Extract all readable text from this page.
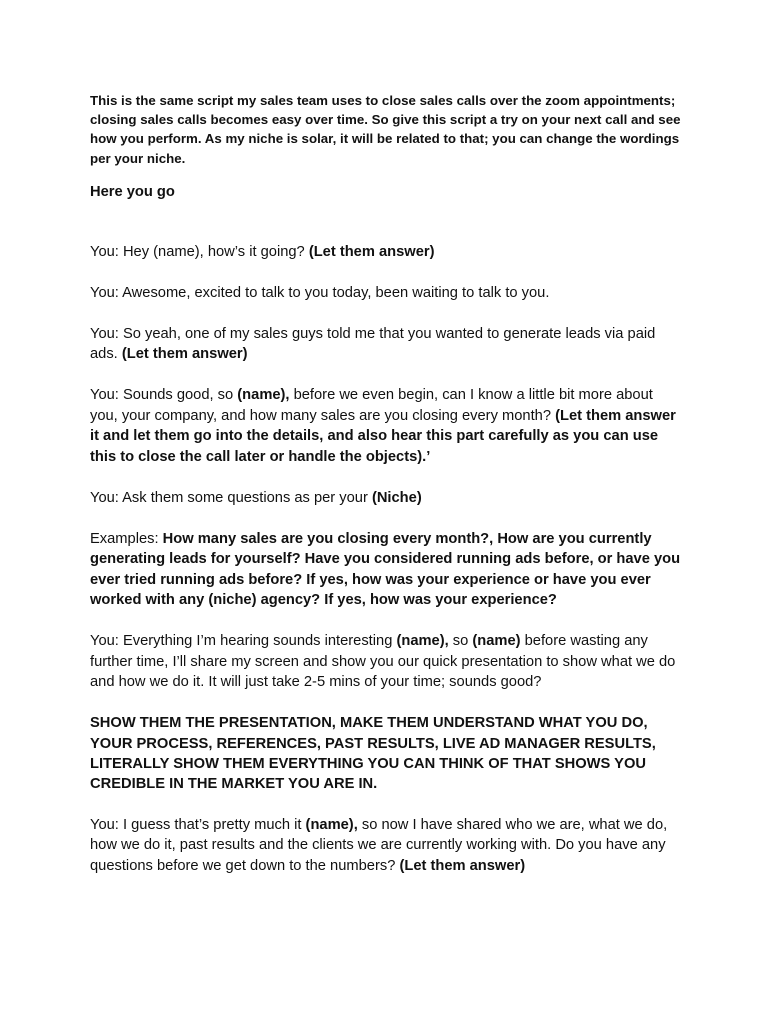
This is the same script my sales team uses to close sales calls over the zoom appointments; closing sales calls becomes easy over time. So give this script a try on your next call and see how you perform. As my niche is solar, it will be related to that; you can change the wordings per your niche.

Here you go

You: Hey (name), how’s it going? (Let them answer)

You: Awesome, excited to talk to you today, been waiting to talk to you.

You: So yeah, one of my sales guys told me that you wanted to generate leads via paid ads. (Let them answer)

You: Sounds good, so (name), before we even begin, can I know a little bit more about you, your company, and how many sales are you closing every month? (Let them answer it and let them go into the details, and also hear this part carefully as you can use this to close the call later or handle the objects).’

You: Ask them some questions as per your (Niche)

Examples: How many sales are you closing every month?, How are you currently generating leads for yourself? Have you considered running ads before, or have you ever tried running ads before? If yes, how was your experience or have you ever worked with any (niche) agency? If yes, how was your experience?

You: Everything I’m hearing sounds interesting (name), so (name) before wasting any further time, I’ll share my screen and show you our quick presentation to show what we do and how we do it. It will just take 2-5 mins of your time; sounds good?

SHOW THEM THE PRESENTATION, MAKE THEM UNDERSTAND WHAT YOU DO, YOUR PROCESS, REFERENCES, PAST RESULTS, LIVE AD MANAGER RESULTS, LITERALLY SHOW THEM EVERYTHING YOU CAN THINK OF THAT SHOWS YOU CREDIBLE IN THE MARKET YOU ARE IN.

You: I guess that’s pretty much it (name), so now I have shared who we are, what we do, how we do it, past results and the clients we are currently working with. Do you have any questions before we get down to the numbers? (Let them answer)
